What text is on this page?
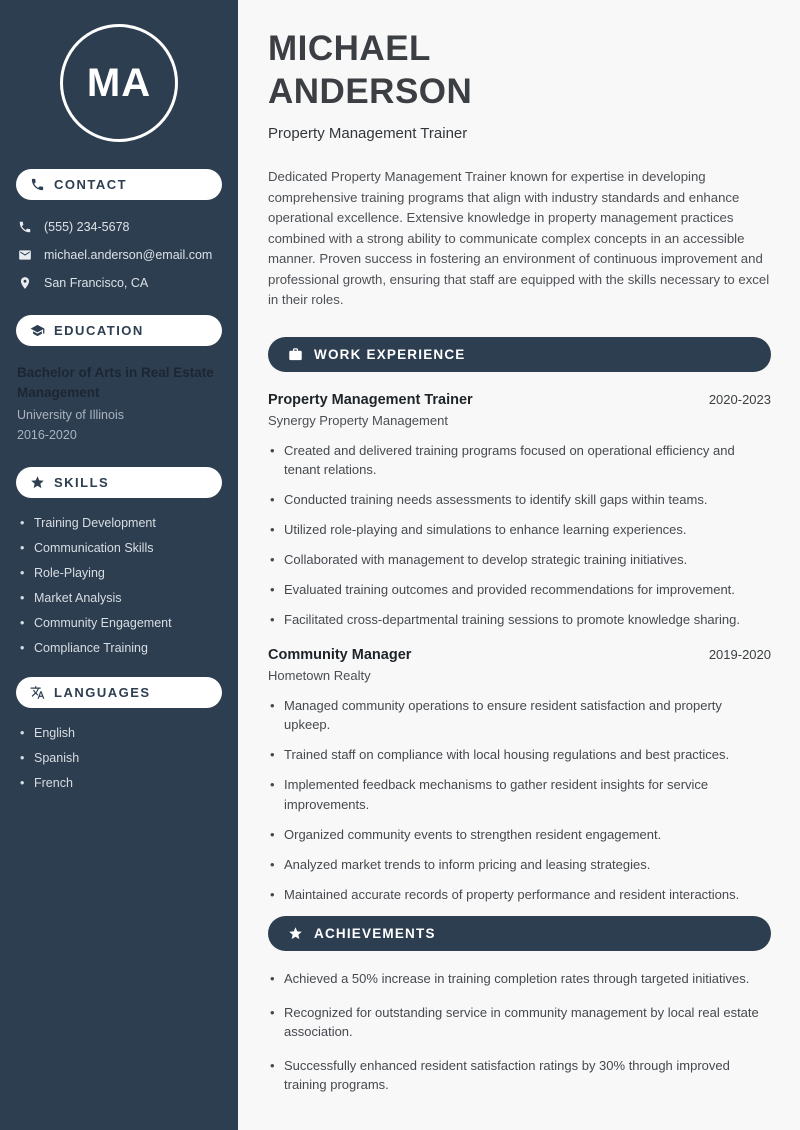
MA
CONTACT
(555) 234-5678
michael.anderson@email.com
San Francisco, CA
EDUCATION
Bachelor of Arts in Real Estate Management
University of Illinois
2016-2020
SKILLS
• Training Development
• Communication Skills
• Role-Playing
• Market Analysis
• Community Engagement
• Compliance Training
LANGUAGES
• English
• Spanish
• French
MICHAEL
ANDERSON
Property Management Trainer

Dedicated Property Management Trainer known for expertise in developing comprehensive training programs that align with industry standards and enhance operational excellence. Extensive knowledge in property management practices combined with a strong ability to communicate complex concepts in an accessible manner. Proven success in fostering an environment of continuous improvement and professional growth, ensuring that staff are equipped with the skills necessary to excel in their roles.

WORK EXPERIENCE
Property Management Trainer	2020-2023
Synergy Property Management
• Created and delivered training programs focused on operational efficiency and tenant relations.
• Conducted training needs assessments to identify skill gaps within teams.
• Utilized role-playing and simulations to enhance learning experiences.
• Collaborated with management to develop strategic training initiatives.
• Evaluated training outcomes and provided recommendations for improvement.
• Facilitated cross-departmental training sessions to promote knowledge sharing.
Community Manager	2019-2020
Hometown Realty
• Managed community operations to ensure resident satisfaction and property upkeep.
• Trained staff on compliance with local housing regulations and best practices.
• Implemented feedback mechanisms to gather resident insights for service improvements.
• Organized community events to strengthen resident engagement.
• Analyzed market trends to inform pricing and leasing strategies.
• Maintained accurate records of property performance and resident interactions.
ACHIEVEMENTS
• Achieved a 50% increase in training completion rates through targeted initiatives.
• Recognized for outstanding service in community management by local real estate association.
• Successfully enhanced resident satisfaction ratings by 30% through improved training programs.
